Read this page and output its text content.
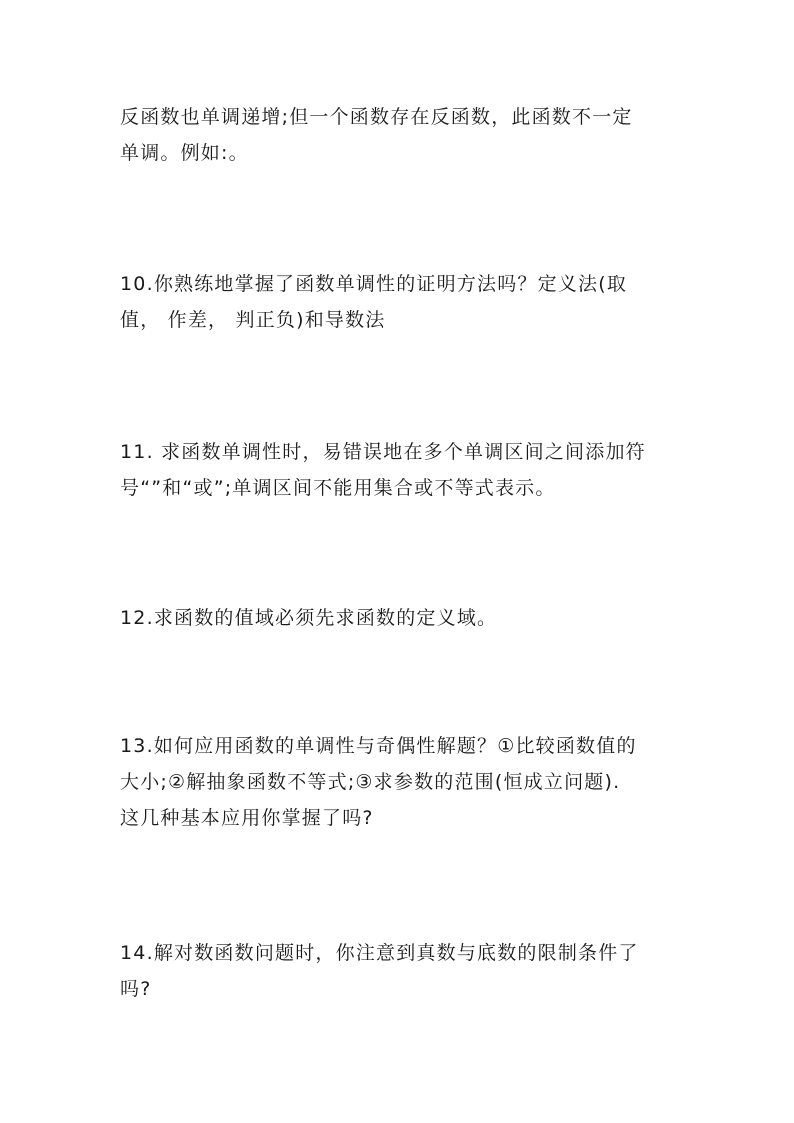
反函数也单调递增;但一个函数存在反函数，此函数不一定
单调。例如:。
10.你熟练地掌握了函数单调性的证明方法吗？定义法(取
值， 作差， 判正负)和导数法
11. 求函数单调性时，易错误地在多个单调区间之间添加符
号“”和“或”;单调区间不能用集合或不等式表示。
12.求函数的值域必须先求函数的定义域。
13.如何应用函数的单调性与奇偶性解题？①比较函数值的
大小;②解抽象函数不等式;③求参数的范围(恒成立问题).
这几种基本应用你掌握了吗?
14.解对数函数问题时，你注意到真数与底数的限制条件了
吗?
